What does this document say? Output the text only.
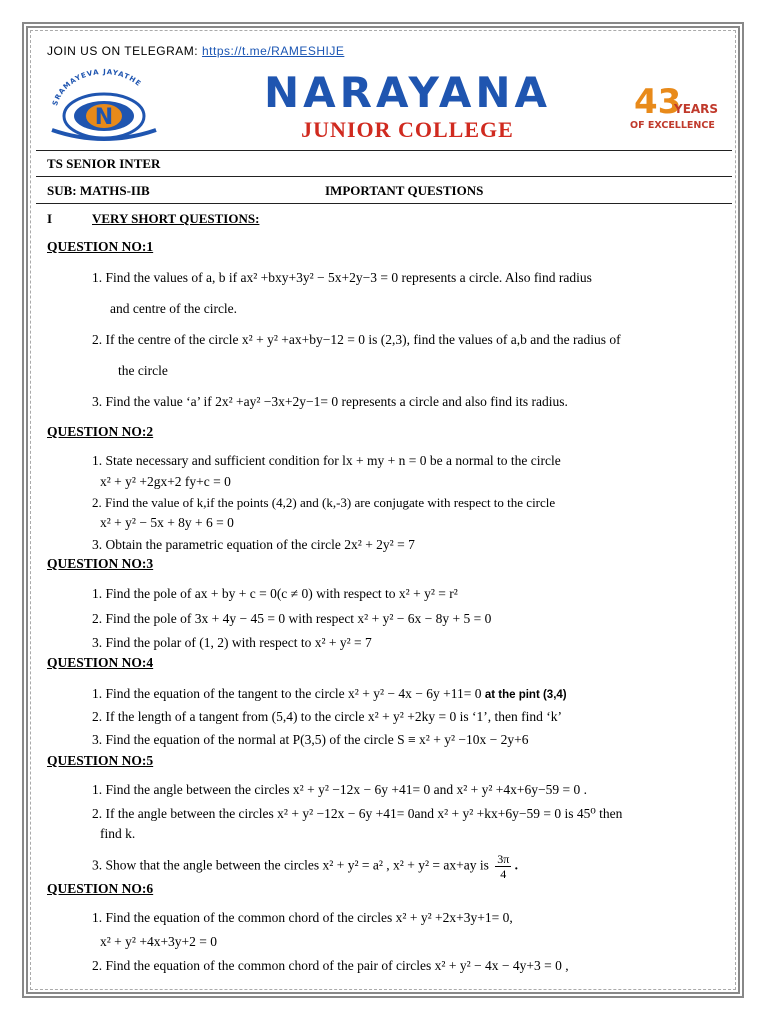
JOIN US ON TELEGRAM: https://t.me/RAMESHIJE
SRAMAYEVA JAYATHE
N
NARAYANA
JUNIOR COLLEGE
43
YEARS
OF EXCELLENCE
TS SENIOR INTER
SUB: MATHS-IIB	IMPORTANT QUESTIONS
I	VERY SHORT QUESTIONS:
QUESTION NO:1
1. Find the values of a, b if ax² +bxy+3y² − 5x+2y−3 = 0 represents a circle. Also find radius
and centre of the circle.
2. If the centre of the circle x² + y² +ax+by−12 = 0 is (2,3), find the values of a,b and the radius of
the circle
3. Find the value ‘a’ if 2x² +ay² −3x+2y−1= 0 represents a circle and also find its radius.
QUESTION NO:2
1. State necessary and sufficient condition for lx + my + n = 0 be a normal to the circle
x² + y² +2gx+2 fy+c = 0
2. Find the value of k,if the points (4,2) and (k,-3) are conjugate with respect to the circle
x² + y² − 5x + 8y + 6 = 0
3. Obtain the parametric equation of the circle 2x² + 2y² = 7
QUESTION NO:3
1. Find the pole of ax + by + c = 0(c ≠ 0) with respect to x² + y² = r²
2. Find the pole of 3x + 4y − 45 = 0 with respect x² + y² − 6x − 8y + 5 = 0
3. Find the polar of (1, 2) with respect to x² + y² = 7
QUESTION NO:4
1. Find the equation of the tangent to the circle x² + y² − 4x − 6y +11= 0 at the pint (3,4)
2. If the length of a tangent from (5,4) to the circle x² + y² +2ky = 0 is ‘1’, then find ‘k’
3. Find the equation of the normal at P(3,5) of the circle S ≡ x² + y² −10x − 2y+6
QUESTION NO:5
1. Find the angle between the circles x² + y² −12x − 6y +41= 0 and x² + y² +4x+6y−59 = 0 .
2. If the angle between the circles x² + y² −12x − 6y +41= 0and x² + y² +kx+6y−59 = 0 is 45⁰ then
find k.
3. Show that the angle between the circles x² + y² = a² , x² + y² = ax+ay is $\frac{3\pi}{4}$ .
QUESTION NO:6
1. Find the equation of the common chord of the circles x² + y² +2x+3y+1= 0,
x² + y² +4x+3y+2 = 0
2. Find the equation of the common chord of the pair of circles x² + y² − 4x − 4y+3 = 0 ,
